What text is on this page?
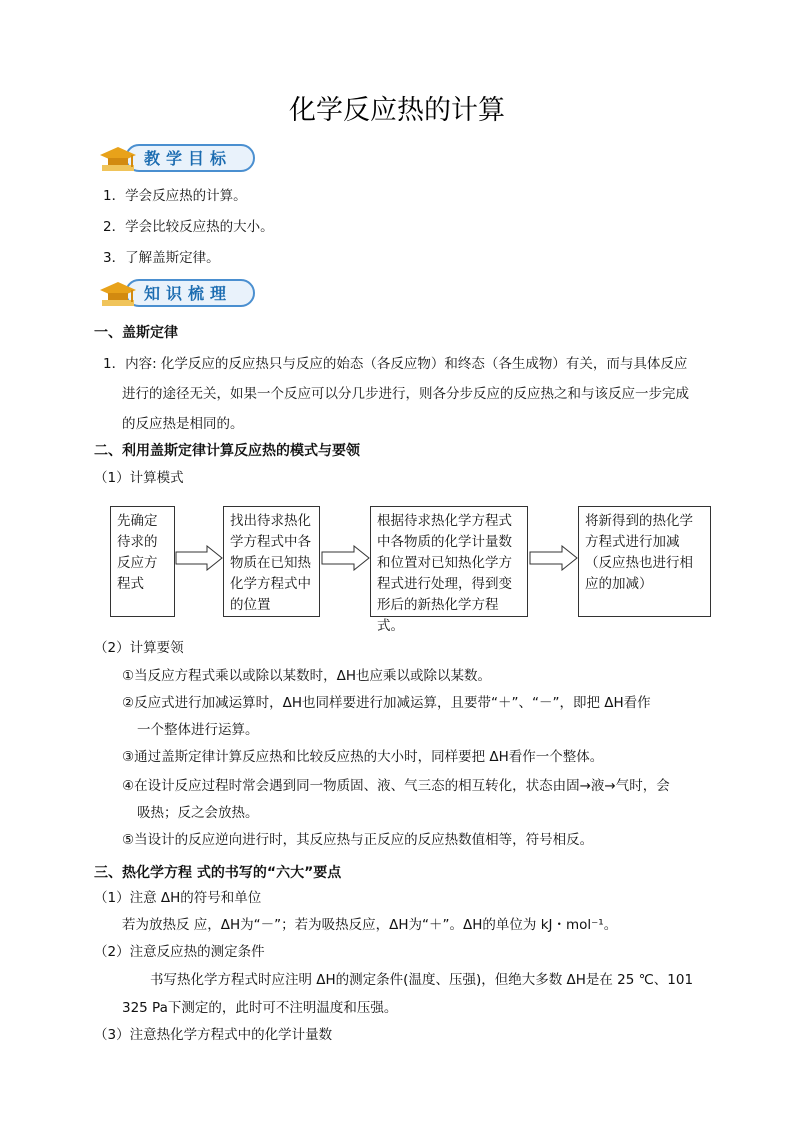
化学反应热的计算
教学目标
1．学会反应热的计算。
2．学会比较反应热的大小。
3．了解盖斯定律。
知识梳理
一、盖斯定律
1．内容: 化学反应的反应热只与反应的始态（各反应物）和终态（各生成物）有关，而与具体反应
进行的途径无关，如果一个反应可以分几步进行，则各分步反应的反应热之和与该反应一步完成
的反应热是相同的。
二、利用盖斯定律计算反应热的模式与要领
（1）计算模式
先确定待求的反应方程式
找出待求热化学方程式中各物质在已知热化学方程式中的位置
根据待求热化学方程式中各物质的化学计量数和位置对已知热化学方程式进行处理，得到变形后的新热化学方程式。
将新得到的热化学方程式进行加减（反应热也进行相应的加减）
（2）计算要领
①当反应方程式乘以或除以某数时，ΔH也应乘以或除以某数。
②反应式进行加减运算时，ΔH也同样要进行加减运算，且要带“＋”、“－”，即把 ΔH看作
一个整体进行运算。
③通过盖斯定律计算反应热和比较反应热的大小时，同样要把 ΔH看作一个整体。
④在设计反应过程时常会遇到同一物质固、液、气三态的相互转化，状态由固→液→气时，会
吸热；反之会放热。
⑤当设计的反应逆向进行时，其反应热与正反应的反应热数值相等，符号相反。
三、热化学方程 式的书写的“六大”要点
（1）注意 ΔH的符号和单位
若为放热反 应，ΔH为“－”；若为吸热反应，ΔH为“＋”。ΔH的单位为 kJ・mol⁻¹。
（2）注意反应热的测定条件
书写热化学方程式时应注明 ΔH的测定条件(温度、压强)，但绝大多数 ΔH是在 25 ℃、101
325 Pa下测定的，此时可不注明温度和压强。
（3）注意热化学方程式中的化学计量数
